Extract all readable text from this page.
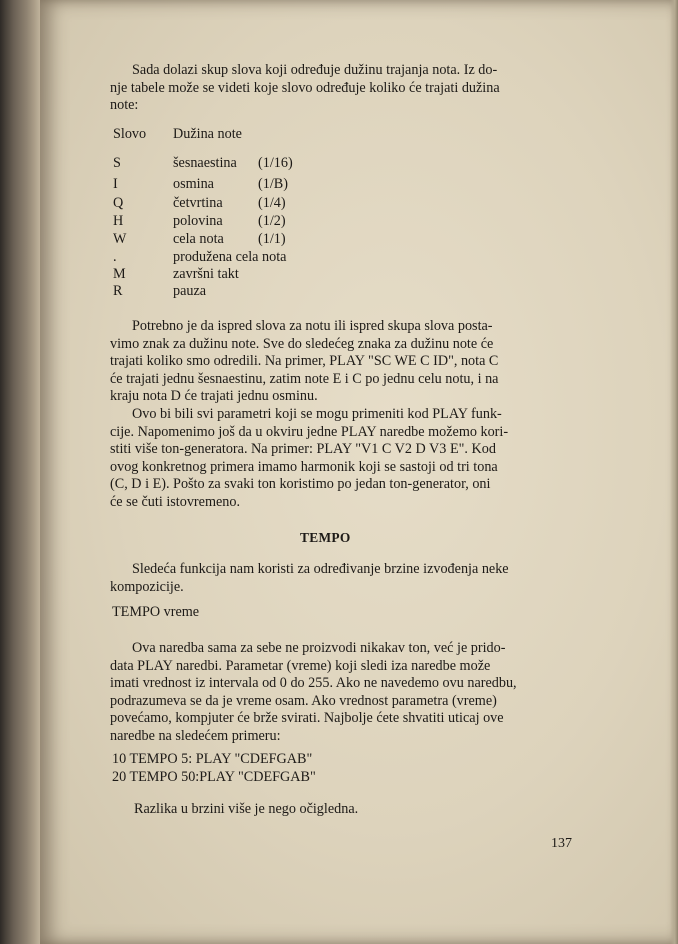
Sada dolazi skup slova koji određuje dužinu trajanja nota. Iz do-
nje tabele može se videti koje slovo određuje koliko će trajati dužina
note:
Slovo	Dužina note
S	šesnaestina (1/16)
I	osmina	(1/B)
Q	četvrtina (1/4)
H	polovina (1/2)
W	cela nota (1/1)
.	produžena cela nota
M	završni takt
R	pauza
Potrebno je da ispred slova za notu ili ispred skupa slova posta-
vimo znak za dužinu note. Sve do sledećeg znaka za dužinu note će
trajati koliko smo odredili. Na primer, PLAY "SC WE C ID", nota C
će trajati jednu šesnaestinu, zatim note E i C po jednu celu notu, i na
kraju nota D će trajati jednu osminu.
Ovo bi bili svi parametri koji se mogu primeniti kod PLAY funk-
cije. Napomenimo još da u okviru jedne PLAY naredbe možemo kori-
stiti više ton-generatora. Na primer: PLAY "V1 C V2 D V3 E". Kod
ovog konkretnog primera imamo harmonik koji se sastoji od tri tona
(C, D i E). Pošto za svaki ton koristimo po jedan ton-generator, oni
će se čuti istovremeno.
TEMPO
Sledeća funkcija nam koristi za određivanje brzine izvođenja neke
kompozicije.
TEMPO vreme
Ova naredba sama za sebe ne proizvodi nikakav ton, već je prido-
data PLAY naredbi. Parametar (vreme) koji sledi iza naredbe može
imati vrednost iz intervala od 0 do 255. Ako ne navedemo ovu naredbu,
podrazumeva se da je vreme osam. Ako vrednost parametra (vreme)
povećamo, kompjuter će brže svirati. Najbolje ćete shvatiti uticaj ove
naredbe na sledećem primeru:
10 TEMPO 5: PLAY "CDEFGAB"
20 TEMPO 50:PLAY "CDEFGAB"
Razlika u brzini više je nego očigledna.
137
